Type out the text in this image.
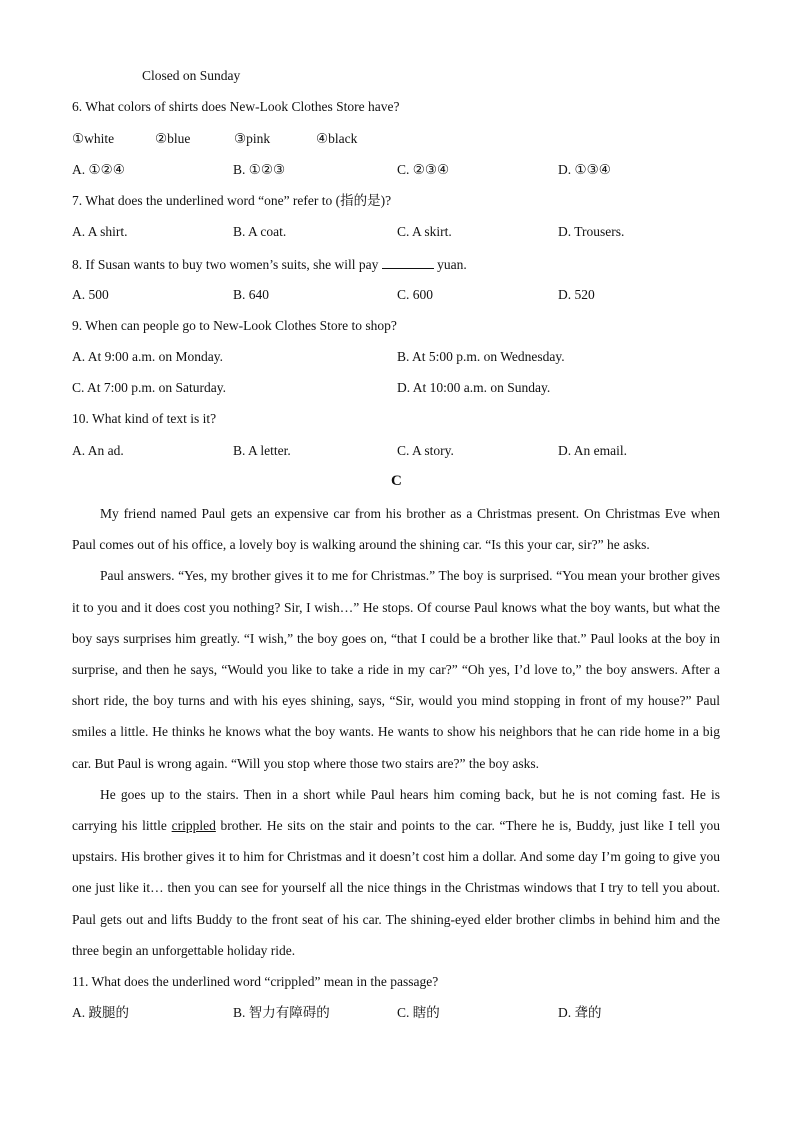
Closed on Sunday
6. What colors of shirts does New-Look Clothes Store have?
①white	②blue	③pink	④black
A. ①②④	B. ①②③	C. ②③④	D. ①③④
7. What does the underlined word “one” refer to (指的是)?
A. A shirt.	B. A coat.	C. A skirt.	D. Trousers.
8. If Susan wants to buy two women’s suits, she will pay	yuan.
A. 500	B. 640	C. 600	D. 520
9. When can people go to New-Look Clothes Store to shop?
A. At 9:00 a.m. on Monday.	B. At 5:00 p.m. on Wednesday.
C. At 7:00 p.m. on Saturday.	D. At 10:00 a.m. on Sunday.
10. What kind of text is it?
A. An ad.	B. A letter.	C. A story.	D. An email.
C

My friend named Paul gets an expensive car from his brother as a Christmas present. On Christmas Eve when Paul comes out of his office, a lovely boy is walking around the shining car. “Is this your car, sir?” he asks.

Paul answers. “Yes, my brother gives it to me for Christmas.” The boy is surprised. “You mean your brother gives it to you and it does cost you nothing? Sir, I wish…” He stops. Of course Paul knows what the boy wants, but what the boy says surprises him greatly. “I wish,” the boy goes on, “that I could be a brother like that.” Paul looks at the boy in surprise, and then he says, “Would you like to take a ride in my car?” “Oh yes, I’d love to,” the boy answers. After a short ride, the boy turns and with his eyes shining, says, “Sir, would you mind stopping in front of my house?” Paul smiles a little. He thinks he knows what the boy wants. He wants to show his neighbors that he can ride home in a big car. But Paul is wrong again. “Will you stop where those two stairs are?” the boy asks.

He goes up to the stairs. Then in a short while Paul hears him coming back, but he is not coming fast. He is carrying his little crippled brother. He sits on the stair and points to the car. “There he is, Buddy, just like I tell you upstairs. His brother gives it to him for Christmas and it doesn’t cost him a dollar. And some day I’m going to give you one just like it… then you can see for yourself all the nice things in the Christmas windows that I try to tell you about. Paul gets out and lifts Buddy to the front seat of his car. The shining-eyed elder brother climbs in behind him and the three begin an unforgettable holiday ride.

11. What does the underlined word “crippled” mean in the passage?
A. 跛腿的	B. 智力有障碍的	C. 瞎的	D. 聋的
